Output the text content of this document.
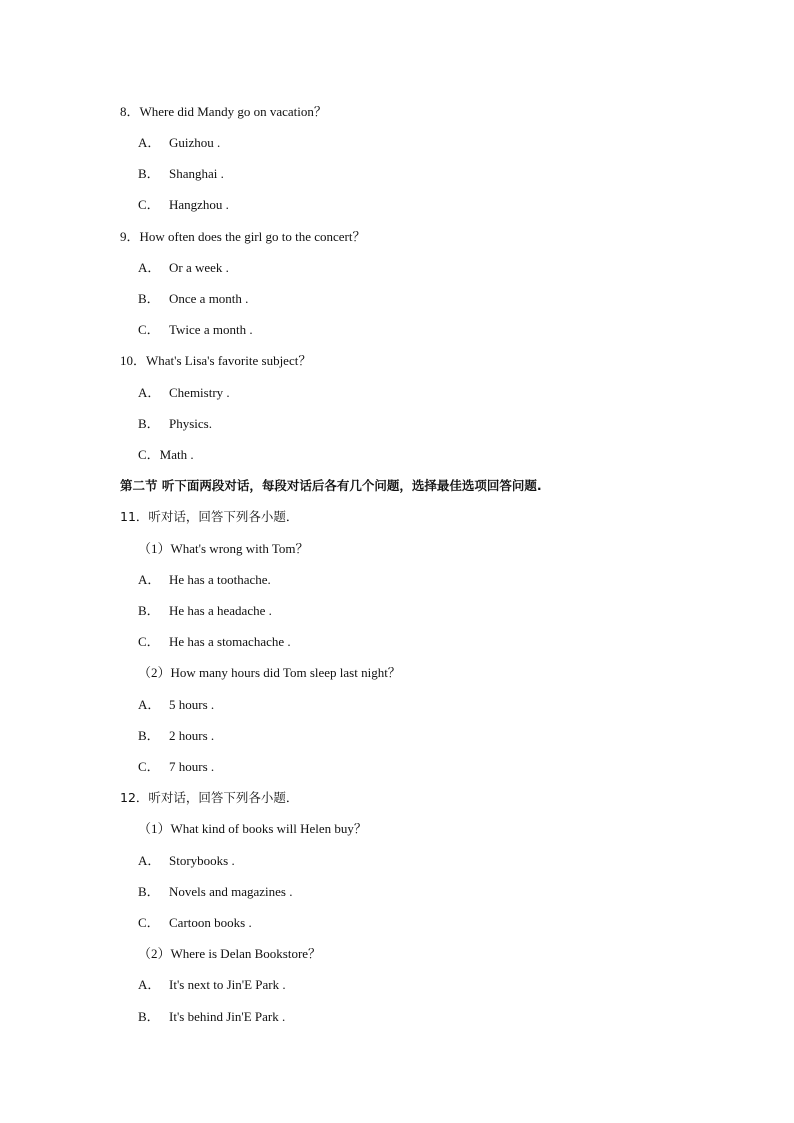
8．Where did Mandy go on vacation？
A． Guizhou .
B． Shanghai .
C． Hangzhou .
9．How often does the girl go to the concert？
A． Or a week .
B． Once a month .
C． Twice a month .
10．What's Lisa's favorite subject？
A． Chemistry .
B． Physics.
C．Math .
第二节 听下面两段对话，每段对话后各有几个问题，选择最佳选项回答问题.
11．听对话，回答下列各小题．
（1）What's wrong with Tom？
A． He has a toothache.
B． He has a headache .
C． He has a stomachache .
（2）How many hours did Tom sleep last night？
A． 5 hours .
B． 2 hours .
C． 7 hours .
12．听对话，回答下列各小题．
（1）What kind of books will Helen buy？
A． Storybooks .
B． Novels and magazines .
C． Cartoon books .
（2）Where is Delan Bookstore？
A． It's next to Jin'E Park .
B． It's behind Jin'E Park .
